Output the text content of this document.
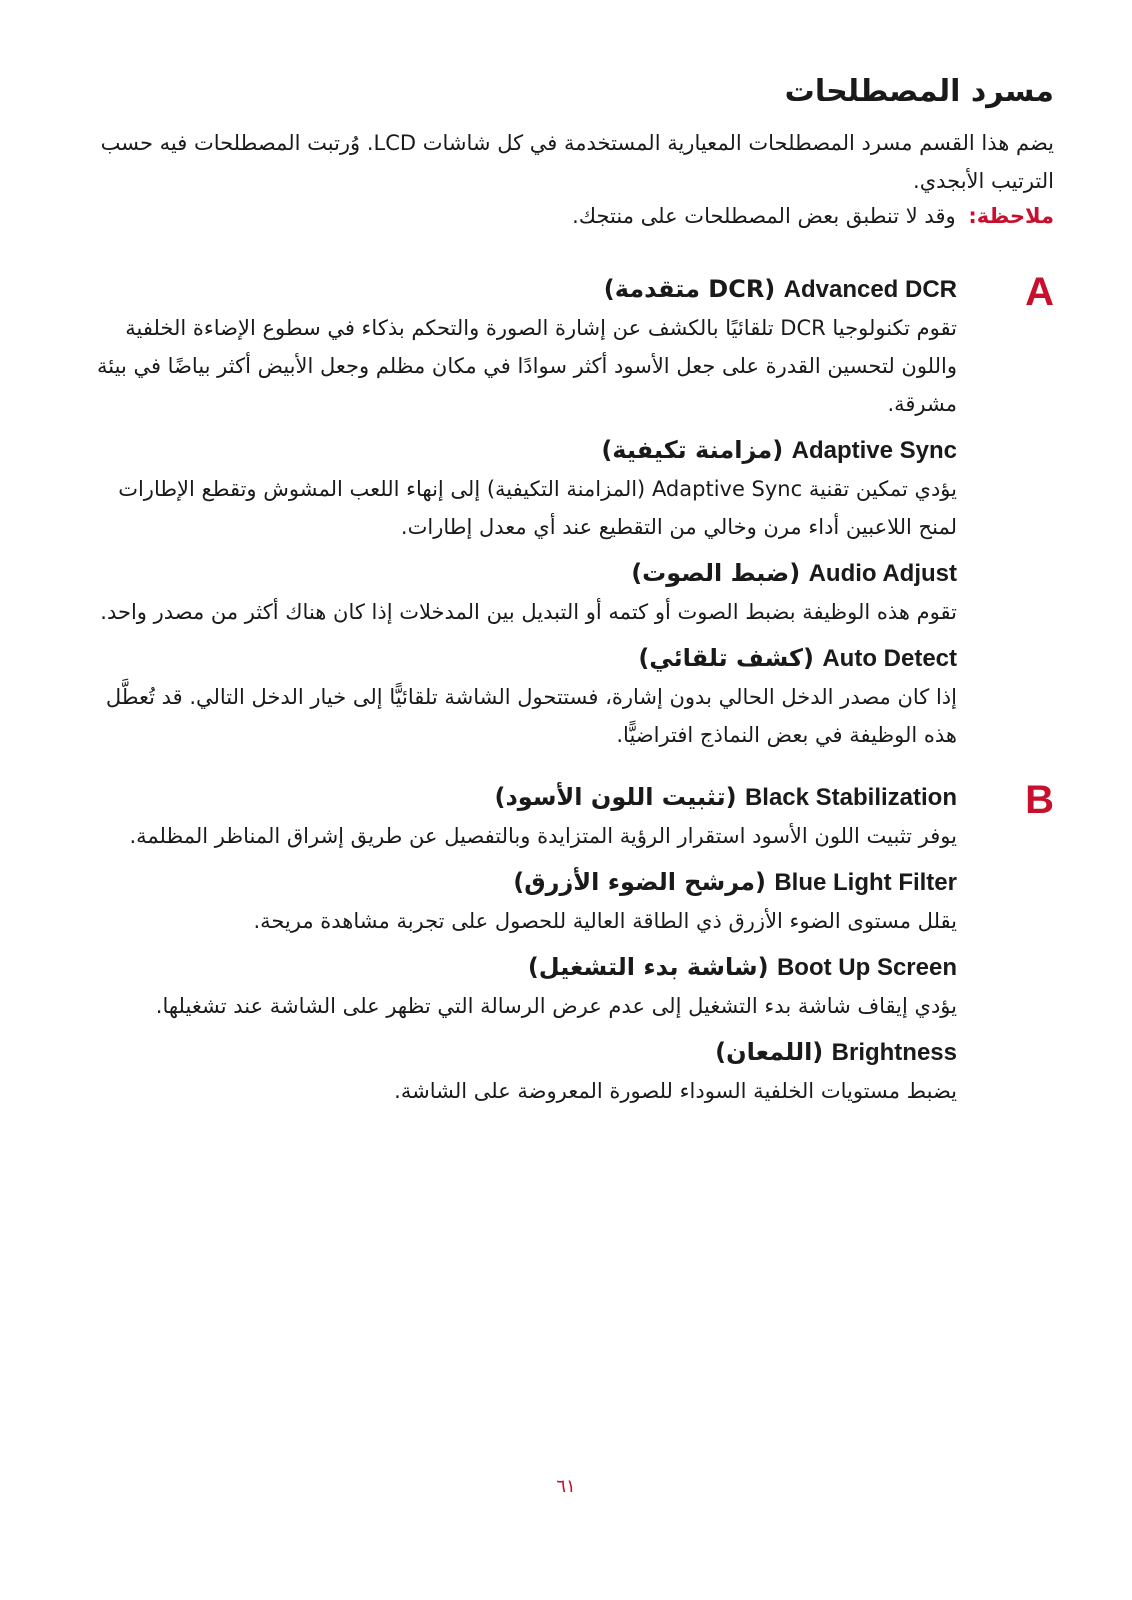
مسرد المصطلحات

يضم هذا القسم مسرد المصطلحات المعيارية المستخدمة في كل شاشات LCD. وُرتبت المصطلحات فيه حسب الترتيب الأبجدي.

ملاحظة: وقد لا تنطبق بعض المصطلحات على منتجك.

A
Advanced DCR (DCR متقدمة)

تقوم تكنولوجيا DCR تلقائيًا بالكشف عن إشارة الصورة والتحكم بذكاء في سطوع الإضاءة الخلفية واللون لتحسين القدرة على جعل الأسود أكثر سوادًا في مكان مظلم وجعل الأبيض أكثر بياضًا في بيئة مشرقة.

Adaptive Sync (مزامنة تكيفية)

يؤدي تمكين تقنية Adaptive Sync (المزامنة التكيفية) إلى إنهاء اللعب المشوش وتقطع الإطارات لمنح اللاعبين أداء مرن وخالي من التقطيع عند أي معدل إطارات.

Audio Adjust (ضبط الصوت)

تقوم هذه الوظيفة بضبط الصوت أو كتمه أو التبديل بين المدخلات إذا كان هناك أكثر من مصدر واحد.

Auto Detect (كشف تلقائي)

إذا كان مصدر الدخل الحالي بدون إشارة، فستتحول الشاشة تلقائيًّا إلى خيار الدخل التالي. قد تُعطَّل هذه الوظيفة في بعض النماذج افتراضيًّا.

B
Black Stabilization (تثبيت اللون الأسود)

يوفر تثبيت اللون الأسود استقرار الرؤية المتزايدة وبالتفصيل عن طريق إشراق المناظر المظلمة.

Blue Light Filter (مرشح الضوء الأزرق)

يقلل مستوى الضوء الأزرق ذي الطاقة العالية للحصول على تجربة مشاهدة مريحة.

Boot Up Screen (شاشة بدء التشغيل)

يؤدي إيقاف شاشة بدء التشغيل إلى عدم عرض الرسالة التي تظهر على الشاشة عند تشغيلها.

Brightness (اللمعان)

يضبط مستويات الخلفية السوداء للصورة المعروضة على الشاشة.

٦١
